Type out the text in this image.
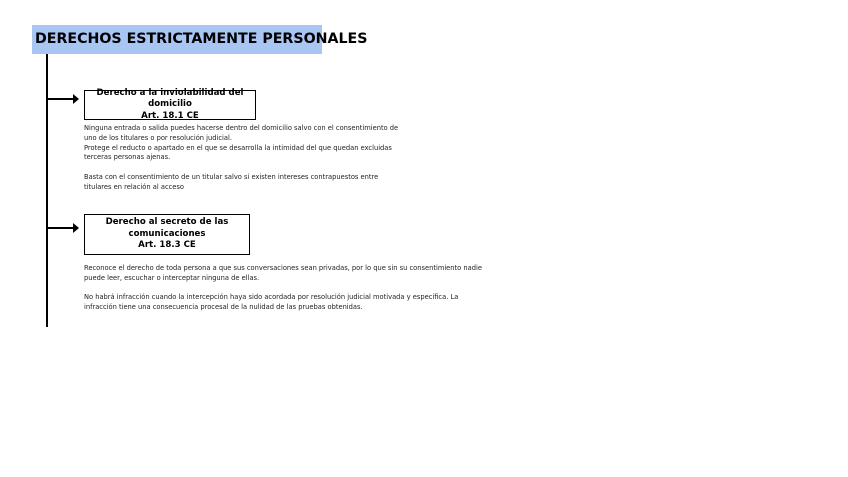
DERECHOS ESTRICTAMENTE PERSONALES
Derecho a la inviolabilidad del domicilio
Art. 18.1 CE

Ninguna entrada o salida puedes hacerse dentro del domicilio salvo con el consentimiento de

uno de los titulares o por resolución judicial.

Protege el reducto o apartado en el que se desarrolla la intimidad del que quedan excluidas

terceras personas ajenas.

Basta con el consentimiento de un titular salvo si existen intereses contrapuestos entre

titulares en relación al acceso

Derecho al secreto de las
comunicaciones
Art. 18.3 CE

Reconoce el derecho de toda persona a que sus conversaciones sean privadas, por lo que sin su consentimiento nadie

puede leer, escuchar o interceptar ninguna de ellas.

No habrá infracción cuando la intercepción haya sido acordada por resolución judicial motivada y específica. La

infracción tiene una consecuencia procesal de la nulidad de las pruebas obtenidas.
